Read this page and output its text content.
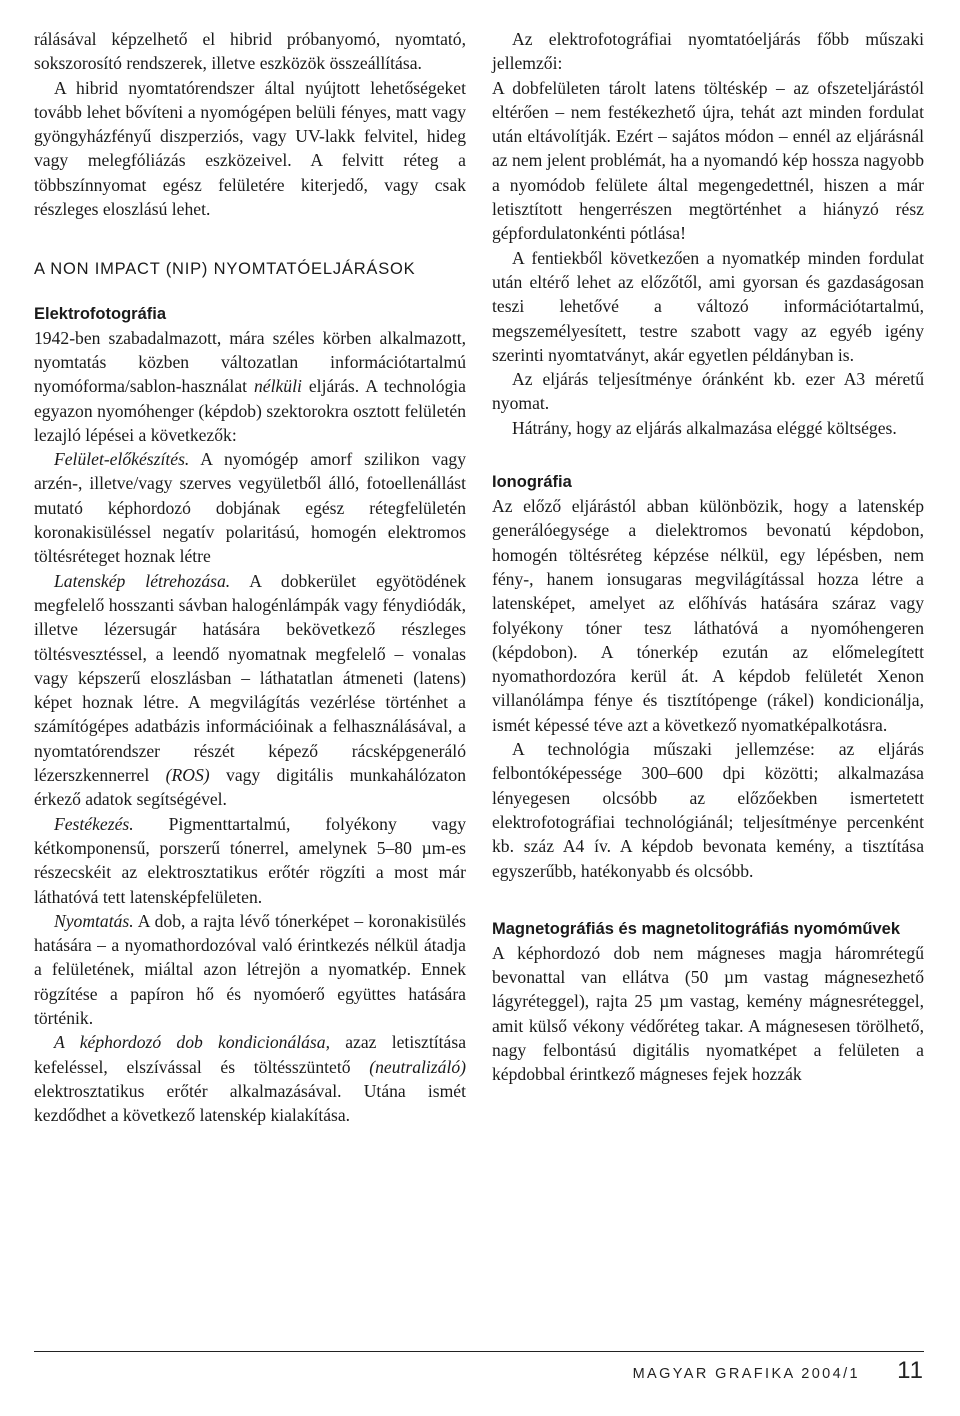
rálásával képzelhető el hibrid próbanyomó, nyomtató, sokszorosító rendszerek, illetve eszközök összeállítása.

A hibrid nyomtatórendszer által nyújtott lehetőségeket tovább lehet bővíteni a nyomógépen belüli fényes, matt vagy gyöngyházfényű diszperziós, vagy UV-lakk felvitel, hideg vagy melegfóliázás eszközeivel. A felvitt réteg a többszínnyomat egész felületére kiterjedő, vagy csak részleges eloszlású lehet.

A NON IMPACT (NIP) NYOMTATÓELJÁRÁSOK
Elektrofotográfia

1942-ben szabadalmazott, mára széles körben alkalmazott, nyomtatás közben változatlan információtartalmú nyomóforma/sablon-használat nélküli eljárás. A technológia egyazon nyomóhenger (képdob) szektorokra osztott felületén lezajló lépései a következők:

Felület-előkészítés. A nyomógép amorf szilikon vagy arzén-, illetve/vagy szerves vegyületből álló, fotoellenállást mutató képhordozó dobjának egész rétegfelületén koronakisüléssel negatív polaritású, homogén elektromos töltésréteget hoznak létre

Latenskép létrehozása. A dobkerület egyötödének megfelelő hosszanti sávban halogénlámpák vagy fénydiódák, illetve lézersugár hatására bekövetkező részleges töltésvesztéssel, a leendő nyomatnak megfelelő – vonalas vagy képszerű eloszlásban – láthatatlan átmeneti (latens) képet hoznak létre. A megvilágítás vezérlése történhet a számítógépes adatbázis információinak a felhasználásával, a nyomtatórendszer részét képező rácsképgeneráló lézerszkennerrel (ROS) vagy digitális munkahálózaton érkező adatok segítségével.

Festékezés. Pigmenttartalmú, folyékony vagy kétkomponensű, porszerű tónerrel, amelynek 5–80 µm-es részecskéit az elektrosztatikus erőtér rögzíti a most már láthatóvá tett latensképfelületen.

Nyomtatás. A dob, a rajta lévő tónerképet – koronakisülés hatására – a nyomathordozóval való érintkezés nélkül átadja a felületének, miáltal azon létrejön a nyomatkép. Ennek rögzítése a papíron hő és nyomóerő együttes hatására történik.

A képhordozó dob kondicionálása, azaz letisztítása kefeléssel, elszívással és töltésszüntető (neutralizáló) elektrosztatikus erőtér alkalmazásával. Utána ismét kezdődhet a következő latenskép kialakítása.

Az elektrofotográfiai nyomtatóeljárás főbb műszaki jellemzői:

A dobfelületen tárolt latens töltéskép – az ofszeteljárástól eltérően – nem festékezhető újra, tehát azt minden fordulat után eltávolítják. Ezért – sajátos módon – ennél az eljárásnál az nem jelent problémát, ha a nyomandó kép hossza nagyobb a nyomódob felülete által megengedettnél, hiszen a már letisztított hengerrészen megtörténhet a hiányzó rész gépfordulatonkénti pótlása!

A fentiekből következően a nyomatkép minden fordulat után eltérő lehet az előzőtől, ami gyorsan és gazdaságosan teszi lehetővé a változó információtartalmú, megszemélyesített, testre szabott vagy az egyéb igény szerinti nyomtatványt, akár egyetlen példányban is.

Az eljárás teljesítménye óránként kb. ezer A3 méretű nyomat.

Hátrány, hogy az eljárás alkalmazása eléggé költséges.

Ionográfia

Az előző eljárástól abban különbözik, hogy a latenskép generálóegysége a dielektromos bevonatú képdobon, homogén töltésréteg képzése nélkül, egy lépésben, nem fény-, hanem ionsugaras megvilágítással hozza létre a latensképet, amelyet az előhívás hatására száraz vagy folyékony tóner tesz láthatóvá a nyomóhengeren (képdobon). A tónerkép ezután az előmelegített nyomathordozóra kerül át. A képdob felületét Xenon villanólámpa fénye és tisztítópenge (rákel) kondicionálja, ismét képessé téve azt a következő nyomatképalkotásra.

A technológia műszaki jellemzése: az eljárás felbontóképessége 300–600 dpi közötti; alkalmazása lényegesen olcsóbb az előzőekben ismertetett elektrofotográfiai technológiánál; teljesítménye percenként kb. száz A4 ív. A képdob bevonata kemény, a tisztítása egyszerűbb, hatékonyabb és olcsóbb.

Magnetográfiás és magnetolitográfiás nyomóművek

A képhordozó dob nem mágneses magja háromrétegű bevonattal van ellátva (50 µm vastag mágnesezhető lágyréteggel), rajta 25 µm vastag, kemény mágnesréteggel, amit külső vékony védőréteg takar. A mágnesesen törölhető, nagy felbontású digitális nyomatképet a felületen a képdobbal érintkező mágneses fejek hozzák

MAGYAR GRAFIKA 2004/1 11
